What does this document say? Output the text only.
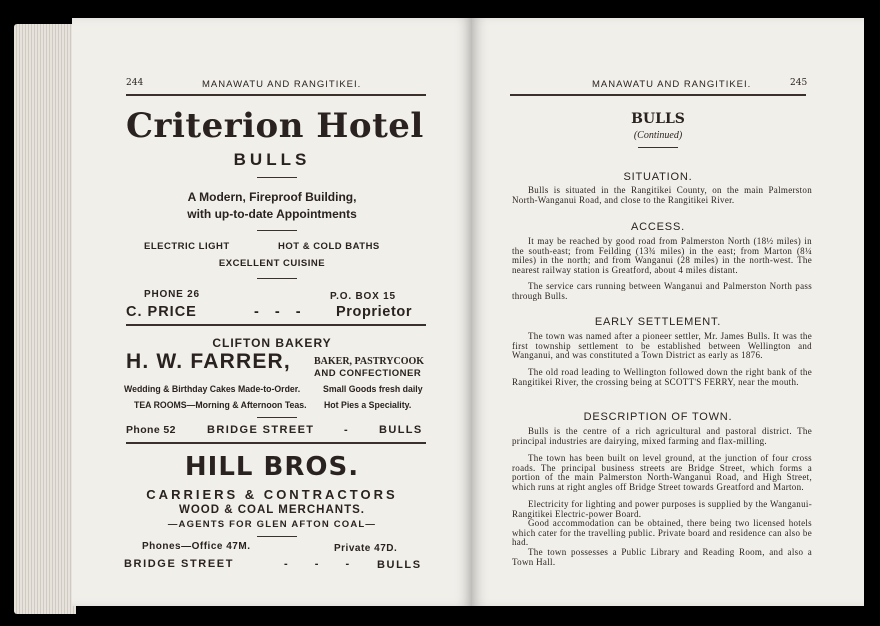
244	MANAWATU AND RANGITIKEI.
Criterion Hotel
BULLS
A Modern, Fireproof Building,
with up-to-date Appointments
ELECTRIC LIGHT	HOT & COLD BATHS
EXCELLENT CUISINE
PHONE 26	P.O. BOX 15
C. PRICE	- - - Proprietor
CLIFTON BAKERY
H. W. FARRER, BAKER, PASTRYCOOK
AND CONFECTIONER
Wedding & Birthday Cakes Made-to-Order. Small Goods fresh daily
TEA ROOMS—Morning & Afternoon Teas. Hot Pies a Speciality.
Phone 52	BRIDGE STREET	-	BULLS
HILL BROS.
CARRIERS & CONTRACTORS
WOOD & COAL MERCHANTS.
—AGENTS FOR GLEN AFTON COAL—
Phones—Office 47M.	Private 47D.
BRIDGE STREET	- - - BULLS
MANAWATU AND RANGITIKEI.	245
BULLS
(Continued)
SITUATION.
Bulls is situated in the Rangitikei County, on the main Palmerston North-Wanganui Road, and close to the Rangitikei River.
ACCESS.
It may be reached by good road from Palmerston North (18½ miles) in the south-east; from Feilding (13¾ miles) in the east; from Marton (8¼ miles) in the north; and from Wanganui (28 miles) in the north-west. The nearest railway station is Greatford, about 4 miles distant.
The service cars running between Wanganui and Palmerston North pass through Bulls.
EARLY SETTLEMENT.
The town was named after a pioneer settler, Mr. James Bulls. It was the first township settlement to be established between Wellington and Wanganui, and was constituted a Town District as early as 1876.
The old road leading to Wellington followed down the right bank of the Rangitikei River, the crossing being at SCOTT'S FERRY, near the mouth.
DESCRIPTION OF TOWN.
Bulls is the centre of a rich agricultural and pastoral district. The principal industries are dairying, mixed farming and flax-milling.
The town has been built on level ground, at the junction of four cross roads. The principal business streets are Bridge Street, which forms a portion of the main Palmerston North-Wanganui Road, and High Street, which runs at right angles off Bridge Street towards Greatford and Marton.
Electricity for lighting and power purposes is supplied by the Wanganui-Rangitikei Electric-power Board.
Good accommodation can be obtained, there being two licensed hotels which cater for the travelling public. Private board and residence can also be had.
The town possesses a Public Library and Reading Room, and also a Town Hall.
